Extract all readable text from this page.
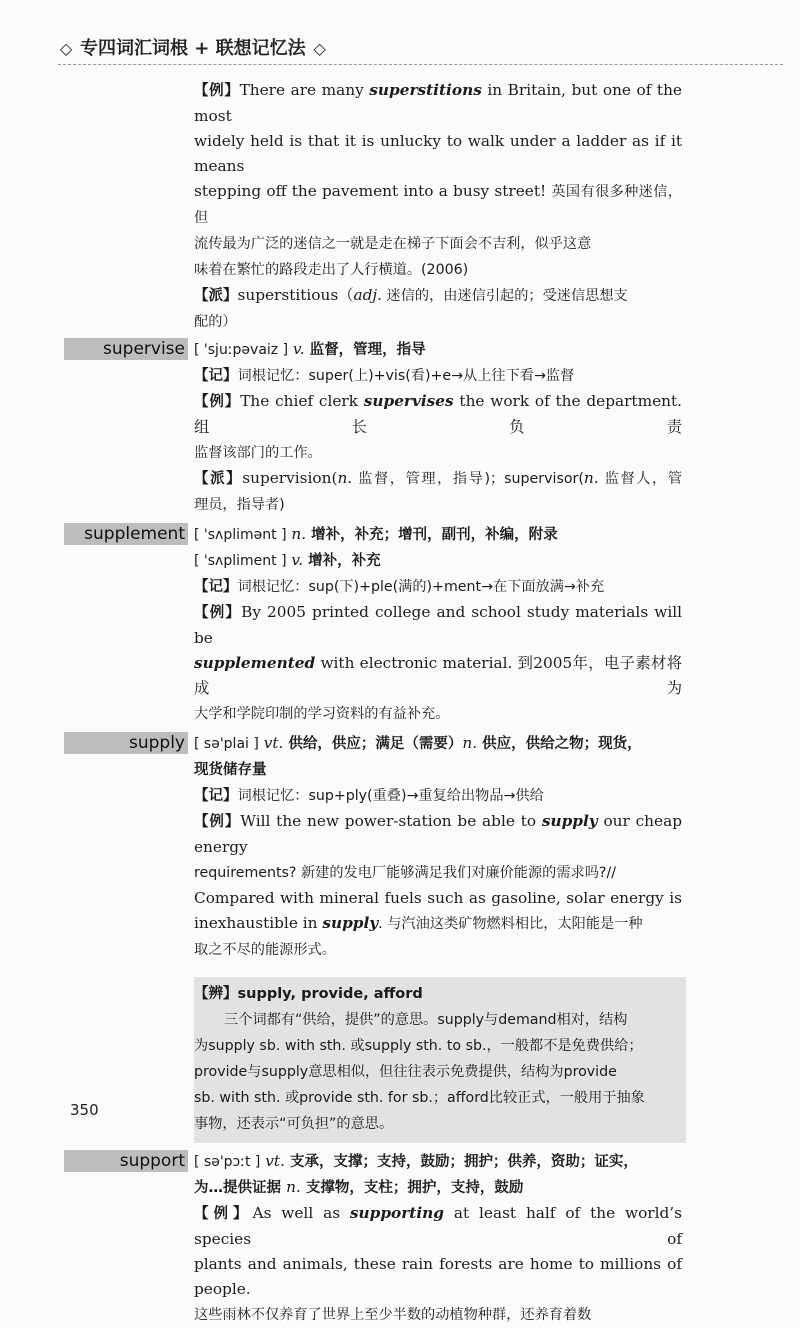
◇ 专四词汇词根 + 联想记忆法 ◇
【例】There are many superstitions in Britain, but one of the most
widely held is that it is unlucky to walk under a ladder as if it means
stepping off the pavement into a busy street! 英国有很多种迷信，但
流传最为广泛的迷信之一就是走在梯子下面会不吉利，似乎这意
味着在繁忙的路段走出了人行横道。(2006)
【派】superstitious（adj. 迷信的，由迷信引起的；受迷信思想支
配的）
supervise [ 'sjuːpəvaiz ] v. 监督，管理，指导
【记】词根记忆：super(上)+vis(看)+e→从上往下看→监督
【例】The chief clerk supervises the work of the department. 组长负责
监督该部门的工作。
【派】supervision(n. 监督，管理，指导)；supervisor(n. 监督人，管
理员，指导者)
supplement [ 'sʌplimənt ] n. 增补，补充；增刊，副刊，补编，附录
[ 'sʌpliment ] v. 增补，补充
【记】词根记忆：sup(下)+ple(满的)+ment→在下面放满→补充
【例】By 2005 printed college and school study materials will be
supplemented with electronic material. 到2005年，电子素材将成为
大学和学院印制的学习资料的有益补充。
supply [ sə'plai ] vt. 供给，供应；满足（需要）n. 供应，供给之物；现货，
现货储存量
【记】词根记忆：sup+ply(重叠)→重复给出物品→供给
【例】Will the new power-station be able to supply our cheap energy
requirements? 新建的发电厂能够满足我们对廉价能源的需求吗?//
Compared with mineral fuels such as gasoline, solar energy is
inexhaustible in supply. 与汽油这类矿物燃料相比，太阳能是一种
取之不尽的能源形式。
【辨】supply, provide, afford
三个词都有“供给，提供”的意思。supply与demand相对，结构
为supply sb. with sth. 或supply sth. to sb.，一般都不是免费供给；
provide与supply意思相似，但往往表示免费提供，结构为provide
sb. with sth. 或provide sth. for sb.；afford比较正式，一般用于抽象
事物，还表示“可负担”的意思。
support [ sə'pɔːt ] vt. 支承，支撑；支持，鼓励；拥护；供养，资助；证实，
为…提供证据 n. 支撑物，支柱；拥护，支持，鼓励
【例】As well as supporting at least half of the world’s species of
plants and animals, these rain forests are home to millions of people.
这些雨林不仅养育了世界上至少半数的动植物种群，还养育着数
350
